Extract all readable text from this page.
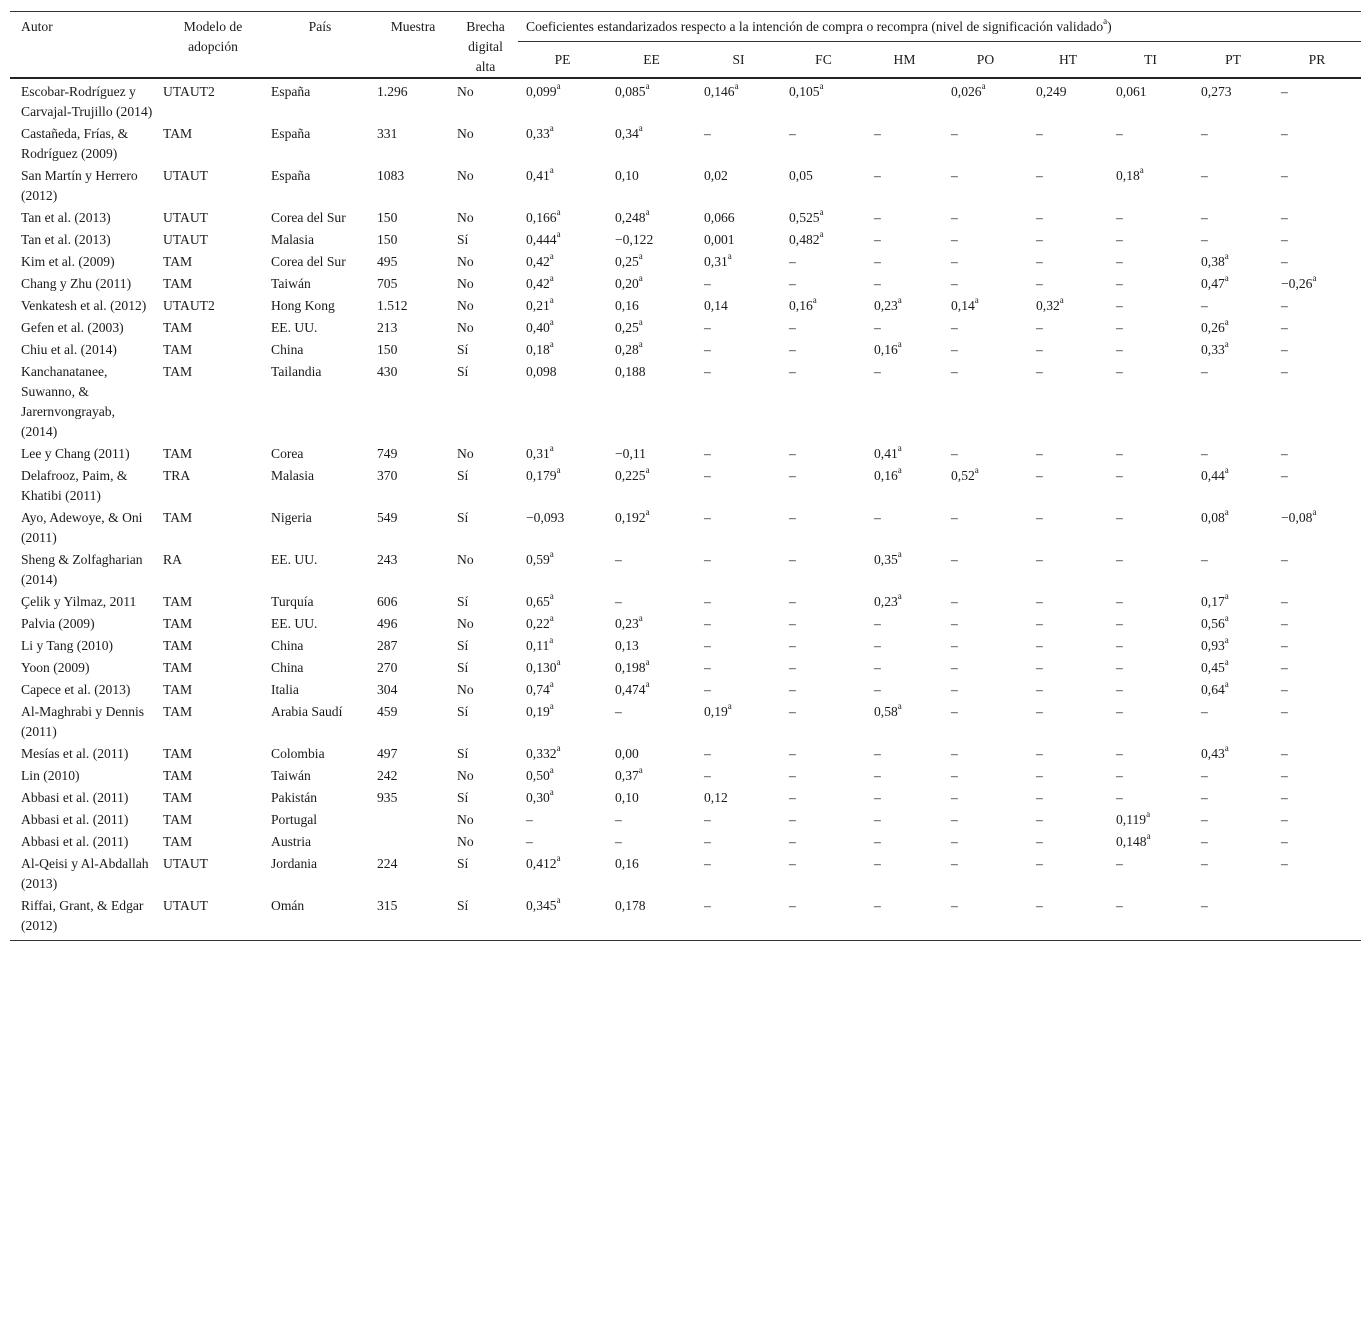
Autor	Modelo de adopción	País	Muestra	Brecha digital alta	Coeficientes estandarizados respecto a la intención de compra o recompra (nivel de significación validado$^a$)									
					PE	EE	SI	FC	HM	PO	HT	TI	PT	PR
Escobar-Rodríguez y Carvajal-Trujillo (2014)	UTAUT2	España	1.296	No	0,099$^a$	0,085$^a$	0,146$^a$	0,105$^a$		0,026$^a$	0,249	0,061	0,273	–
Castañeda, Frías, & Rodríguez (2009)	TAM	España	331	No	0,33$^a$	0,34$^a$	–	–	–	–	–	–	–	–
San Martín y Herrero (2012)	UTAUT	España	1083	No	0,41$^a$	0,10	0,02	0,05	–	–	–	0,18$^a$	–	–
Tan et al. (2013)	UTAUT	Corea del Sur	150	No	0,166$^a$	0,248$^a$	0,066	0,525$^a$	–	–	–	–	–	–
Tan et al. (2013)	UTAUT	Malasia	150	Sí	0,444$^a$	−0,122	0,001	0,482$^a$	–	–	–	–	–	–
Kim et al. (2009)	TAM	Corea del Sur	495	No	0,42$^a$	0,25$^a$	0,31$^a$	–	–	–	–	–	0,38$^a$	–
Chang y Zhu (2011)	TAM	Taiwán	705	No	0,42$^a$	0,20$^a$	–	–	–	–	–	–	0,47$^a$	−0,26$^a$
Venkatesh et al. (2012)	UTAUT2	Hong Kong	1.512	No	0,21$^a$	0,16	0,14	0,16$^a$	0,23$^a$	0,14$^a$	0,32$^a$	–	–	–
Gefen et al. (2003)	TAM	EE. UU.	213	No	0,40$^a$	0,25$^a$	–	–	–	–	–	–	0,26$^a$	–
Chiu et al. (2014)	TAM	China	150	Sí	0,18$^a$	0,28$^a$	–	–	0,16$^a$	–	–	–	0,33$^a$	–
Kanchanatanee, Suwanno, & Jarernvongrayab, (2014)	TAM	Tailandia	430	Sí	0,098	0,188	–	–	–	–	–	–	–	–
Lee y Chang (2011)	TAM	Corea	749	No	0,31$^a$	−0,11	–	–	0,41$^a$	–	–	–	–	–
Delafrooz, Paim, & Khatibi (2011)	TRA	Malasia	370	Sí	0,179$^a$	0,225$^a$	–	–	0,16$^a$	0,52$^a$	–	–	0,44$^a$	–
Ayo, Adewoye, & Oni (2011)	TAM	Nigeria	549	Sí	−0,093	0,192$^a$	–	–	–	–	–	–	0,08$^a$	−0,08$^a$
Sheng & Zolfagharian (2014)	RA	EE. UU.	243	No	0,59$^a$	–	–	–	0,35$^a$	–	–	–	–	–
Çelik y Yilmaz, 2011	TAM	Turquía	606	Sí	0,65$^a$	–	–	–	0,23$^a$	–	–	–	0,17$^a$	–
Palvia (2009)	TAM	EE. UU.	496	No	0,22$^a$	0,23$^a$	–	–	–	–	–	–	0,56$^a$	–
Li y Tang (2010)	TAM	China	287	Sí	0,11$^a$	0,13	–	–	–	–	–	–	0,93$^a$	–
Yoon (2009)	TAM	China	270	Sí	0,130$^a$	0,198$^a$	–	–	–	–	–	–	0,45$^a$	–
Capece et al. (2013)	TAM	Italia	304	No	0,74$^a$	0,474$^a$	–	–	–	–	–	–	0,64$^a$	–
Al-Maghrabi y Dennis (2011)	TAM	Arabia Saudí	459	Sí	0,19$^a$	–	0,19$^a$	–	0,58$^a$	–	–	–	–	–
Mesías et al. (2011)	TAM	Colombia	497	Sí	0,332$^a$	0,00	–	–	–	–	–	–	0,43$^a$	–
Lin (2010)	TAM	Taiwán	242	No	0,50$^a$	0,37$^a$	–	–	–	–	–	–	–	–
Abbasi et al. (2011)	TAM	Pakistán	935	Sí	0,30$^a$	0,10	0,12	–	–	–	–	–	–	–
Abbasi et al. (2011)	TAM	Portugal		No	–	–	–	–	–	–	–	0,119$^a$	–	–
Abbasi et al. (2011)	TAM	Austria		No	–	–	–	–	–	–	–	0,148$^a$	–	–
Al-Qeisi y Al-Abdallah (2013)	UTAUT	Jordania	224	Sí	0,412$^a$	0,16	–	–	–	–	–	–	–	–
Riffai, Grant, & Edgar (2012)	UTAUT	Omán	315	Sí	0,345$^a$	0,178	–	–	–	–	–	–	–	
